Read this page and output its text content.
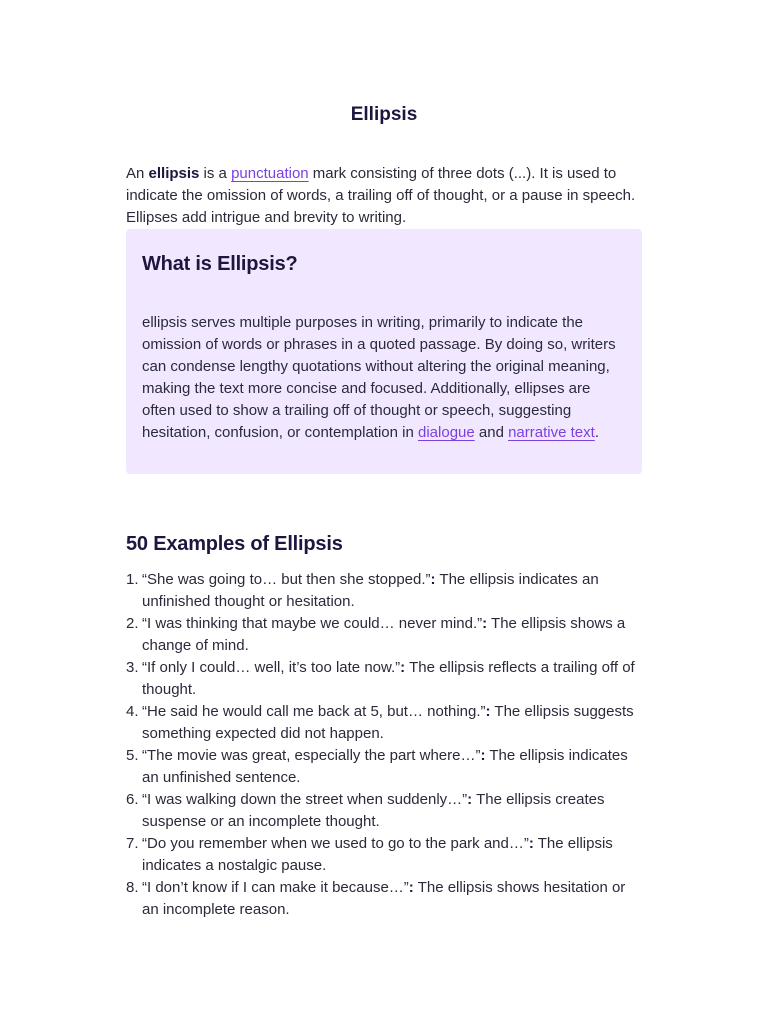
Ellipsis

An ellipsis is a punctuation mark consisting of three dots (...). It is used to indicate the omission of words, a trailing off of thought, or a pause in speech. Ellipses add intrigue and brevity to writing.

What is Ellipsis?

ellipsis serves multiple purposes in writing, primarily to indicate the omission of words or phrases in a quoted passage. By doing so, writers can condense lengthy quotations without altering the original meaning, making the text more concise and focused. Additionally, ellipses are often used to show a trailing off of thought or speech, suggesting hesitation, confusion, or contemplation in dialogue and narrative text.

50 Examples of Ellipsis
1. “She was going to… but then she stopped.”: The ellipsis indicates an unfinished thought or hesitation.
2. “I was thinking that maybe we could… never mind.”: The ellipsis shows a change of mind.
3. “If only I could… well, it’s too late now.”: The ellipsis reflects a trailing off of thought.
4. “He said he would call me back at 5, but… nothing.”: The ellipsis suggests something expected did not happen.
5. “The movie was great, especially the part where…”: The ellipsis indicates an unfinished sentence.
6. “I was walking down the street when suddenly…”: The ellipsis creates suspense or an incomplete thought.
7. “Do you remember when we used to go to the park and…”: The ellipsis indicates a nostalgic pause.
8. “I don’t know if I can make it because…”: The ellipsis shows hesitation or an incomplete reason.
